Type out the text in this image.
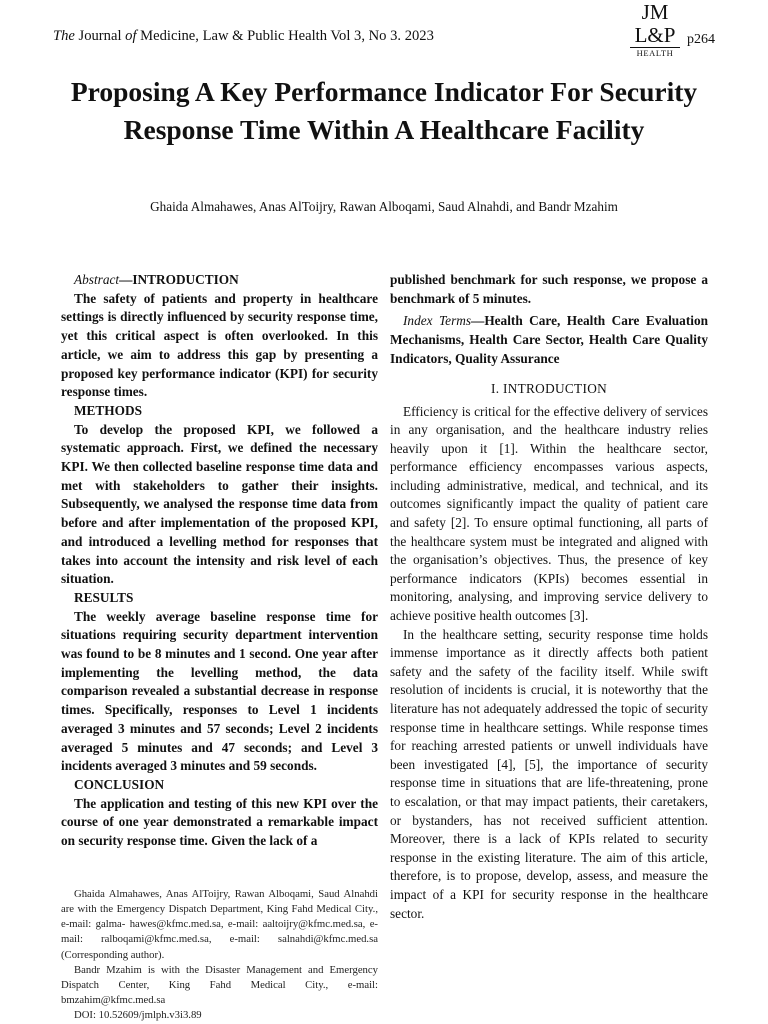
The Journal of Medicine, Law & Public Health Vol 3, No 3. 2023
JM
L&P
HEALTH
p264
Proposing A Key Performance Indicator For Security Response Time Within A Healthcare Facility
Ghaida Almahawes, Anas AlToijry, Rawan Alboqami, Saud Alnahdi, and Bandr Mzahim

Abstract—INTRODUCTION

The safety of patients and property in healthcare settings is directly influenced by security response time, yet this critical aspect is often overlooked. In this article, we aim to address this gap by presenting a proposed key performance indicator (KPI) for security response times.

METHODS

To develop the proposed KPI, we followed a systematic approach. First, we defined the necessary KPI. We then collected baseline response time data and met with stakeholders to gather their insights. Subsequently, we analysed the response time data from before and after implementation of the proposed KPI, and introduced a levelling method for responses that takes into account the intensity and risk level of each situation.

RESULTS

The weekly average baseline response time for situations requiring security department intervention was found to be 8 minutes and 1 second. One year after implementing the levelling method, the data comparison revealed a substantial decrease in response times. Specifically, responses to Level 1 incidents averaged 3 minutes and 57 seconds; Level 2 incidents averaged 5 minutes and 47 seconds; and Level 3 incidents averaged 3 minutes and 59 seconds.

CONCLUSION

The application and testing of this new KPI over the course of one year demonstrated a remarkable impact on security response time. Given the lack of a

Ghaida Almahawes, Anas AlToijry, Rawan Alboqami, Saud Alnahdi are with the Emergency Dispatch Department, King Fahd Medical City., e-mail: galma- hawes@kfmc.med.sa, e-mail: aaltoijry@kfmc.med.sa, e-mail: ralboqami@kfmc.med.sa, e-mail: salnahdi@kfmc.med.sa (Corresponding author).

Bandr Mzahim is with the Disaster Management and Emergency Dispatch Center, King Fahd Medical City., e-mail: bmzahim@kfmc.med.sa

DOI: 10.52609/jmlph.v3i3.89

published benchmark for such response, we propose a benchmark of 5 minutes.

Index Terms—Health Care, Health Care Evaluation Mechanisms, Health Care Sector, Health Care Quality Indicators, Quality Assurance

I. INTRODUCTION

Efficiency is critical for the effective delivery of services in any organisation, and the healthcare industry relies heavily upon it [1]. Within the healthcare sector, performance efficiency encompasses various aspects, including administrative, medical, and technical, and its outcomes significantly impact the quality of patient care and safety [2]. To ensure optimal functioning, all parts of the healthcare system must be integrated and aligned with the organisation’s objectives. Thus, the presence of key performance indicators (KPIs) becomes essential in monitoring, analysing, and improving service delivery to achieve positive health outcomes [3].

In the healthcare setting, security response time holds immense importance as it directly affects both patient safety and the safety of the facility itself. While swift resolution of incidents is crucial, it is noteworthy that the literature has not adequately addressed the topic of security response time in healthcare settings. While response times for reaching arrested patients or unwell individuals have been investigated [4], [5], the importance of security response time in situations that are life-threatening, prone to escalation, or that may impact patients, their caretakers, or bystanders, has not received sufficient attention. Moreover, there is a lack of KPIs related to security response in the existing literature. The aim of this article, therefore, is to propose, develop, assess, and measure the impact of a KPI for security response in the healthcare sector.
